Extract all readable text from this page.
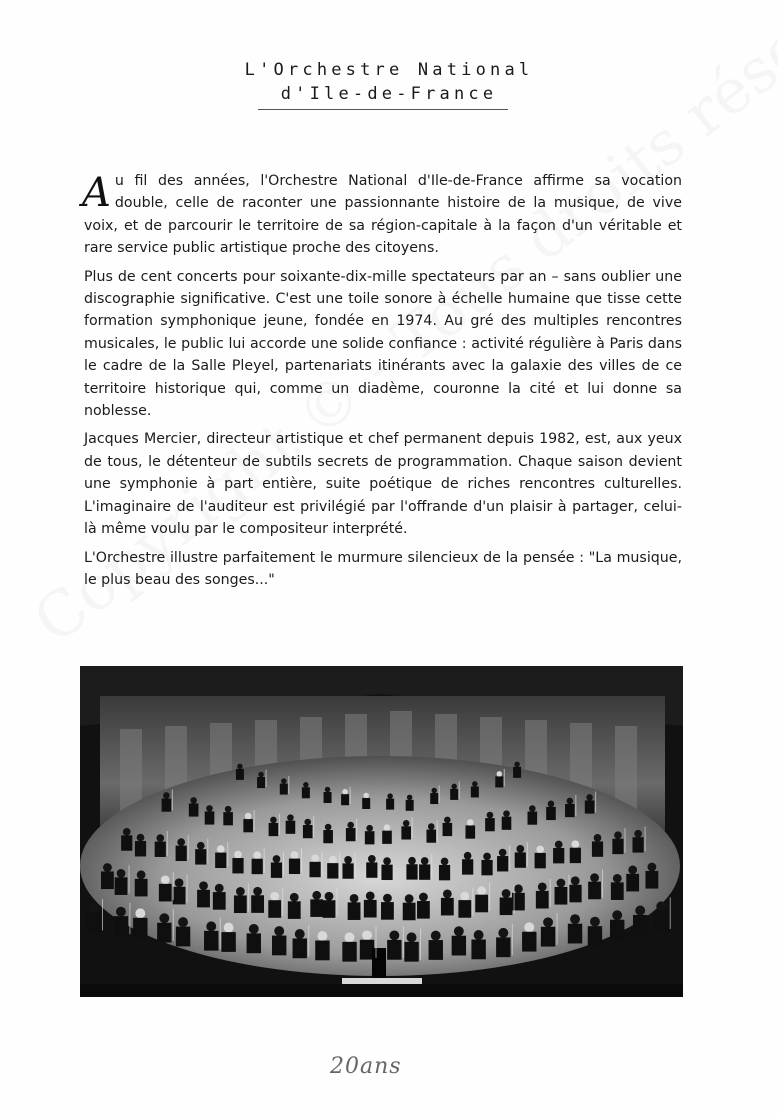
L'Orchestre National
d'Ile-de-France

Au fil des années, l'Orchestre National d'Ile-de-France affirme sa vocation double, celle de raconter une passionnante histoire de la musique, de vive voix, et de parcourir le territoire de sa région-capitale à la façon d'un véritable et rare service public artistique proche des citoyens.

Plus de cent concerts pour soixante-dix-mille spectateurs par an – sans oublier une discographie significative. C'est une toile sonore à échelle humaine que tisse cette formation symphonique jeune, fondée en 1974. Au gré des multiples rencontres musicales, le public lui accorde une solide confiance : activité régulière à Paris dans le cadre de la Salle Pleyel, partenariats itinérants avec la galaxie des villes de ce territoire historique qui, comme un diadème, couronne la cité et lui donne sa noblesse.

Jacques Mercier, directeur artistique et chef permanent depuis 1982, est, aux yeux de tous, le détenteur de subtils secrets de programmation. Chaque saison devient une symphonie à part entière, suite poétique de riches rencontres culturelles. L'imaginaire de l'auditeur est privilégié par l'offrande d'un plaisir à partager, celui-là même voulu par le compositeur interprété.

L'Orchestre illustre parfaitement le murmure silencieux de la pensée : "La musique, le plus beau des songes..."

20ans
